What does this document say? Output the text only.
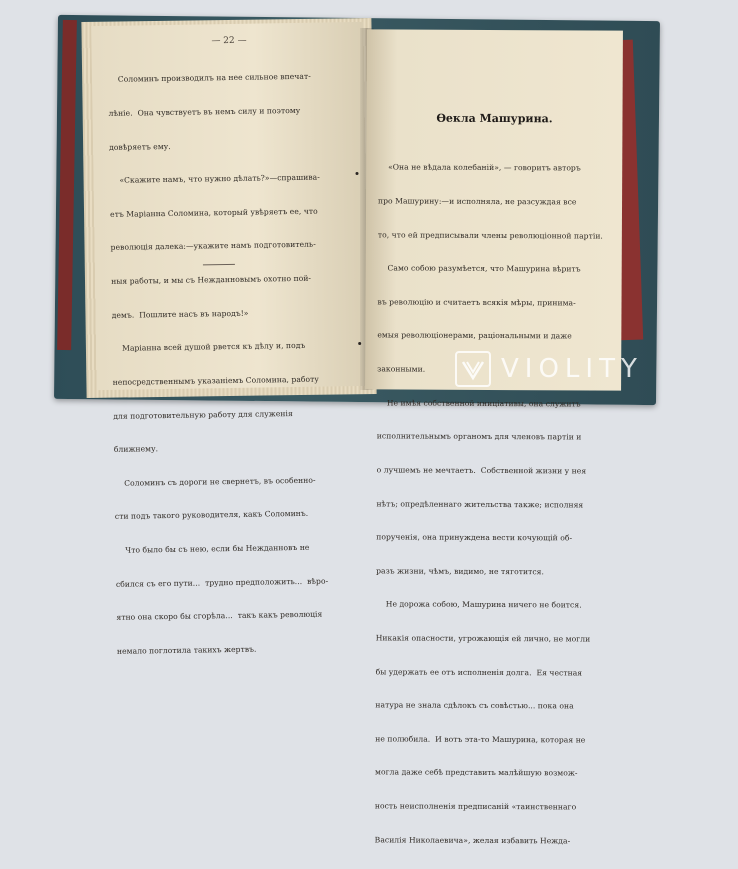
— 22 —

Соломинъ производилъ на нее сильное впечат-

лѣніе.  Она чувствуетъ въ немъ силу и поэтому

довѣряетъ ему.

«Скажите намъ, что нужно дѣлать?»—спрашива-

етъ Маріанна Соломина, который увѣряетъ ее, что

революція далека:—укажите намъ подготовитель-

ныя работы, и мы съ Нежданновымъ охотно пой-

демъ.  Пошлите насъ въ народъ!»

Маріанна всей душой рвется къ дѣлу и, подъ

непосредственнымъ указаніемъ Соломина, работу

для подготовительную работу для служенія

ближнему.

Соломинъ съ дороги не свернетъ, въ особенно-

сти подъ такого руководителя, какъ Соломинъ.

Что было бы съ нею, если бы Нежданновъ не

сбился съ его пути...  трудно предположить...  вѣро-

ятно она скоро бы сгорѣла...  такъ какъ революція

немало поглотила такихъ жертвъ.

Ѳекла Машурина.

«Она не вѣдала колебаній», — говоритъ авторъ

про Машурину:—и исполняла, не разсуждая все

то, что ей предписывали члены революціонной партіи.

Само собою разумѣется, что Машурина вѣритъ

въ революцію и считаетъ всякія мѣры, принима-

емыя революціонерами, раціональными и даже

законными.

Не имѣя собственной иниціативы, она служитъ

исполнительнымъ органомъ для членовъ партіи и

о лучшемъ не мечтаетъ.  Собственной жизни у нея

нѣтъ; опредѣленнаго жительства также; исполняя

порученія, она принуждена вести кочующій об-

разъ жизни, чѣмъ, видимо, не тяготится.

Не дорожа собою, Машурина ничего не боится.

Никакія опасности, угрожающія ей лично, не могли

бы удержать ее отъ исполненія долга.  Ея честная

натура не знала сдѣлокъ съ совѣстью... пока она

не полюбила.  И вотъ эта-то Машурина, которая не

могла даже себѣ представить малѣйшую возмож-

ность неисполненія предписаній «таинственнаго

Василія Николаевича», желая избавить Нежда-

VIOLITY
